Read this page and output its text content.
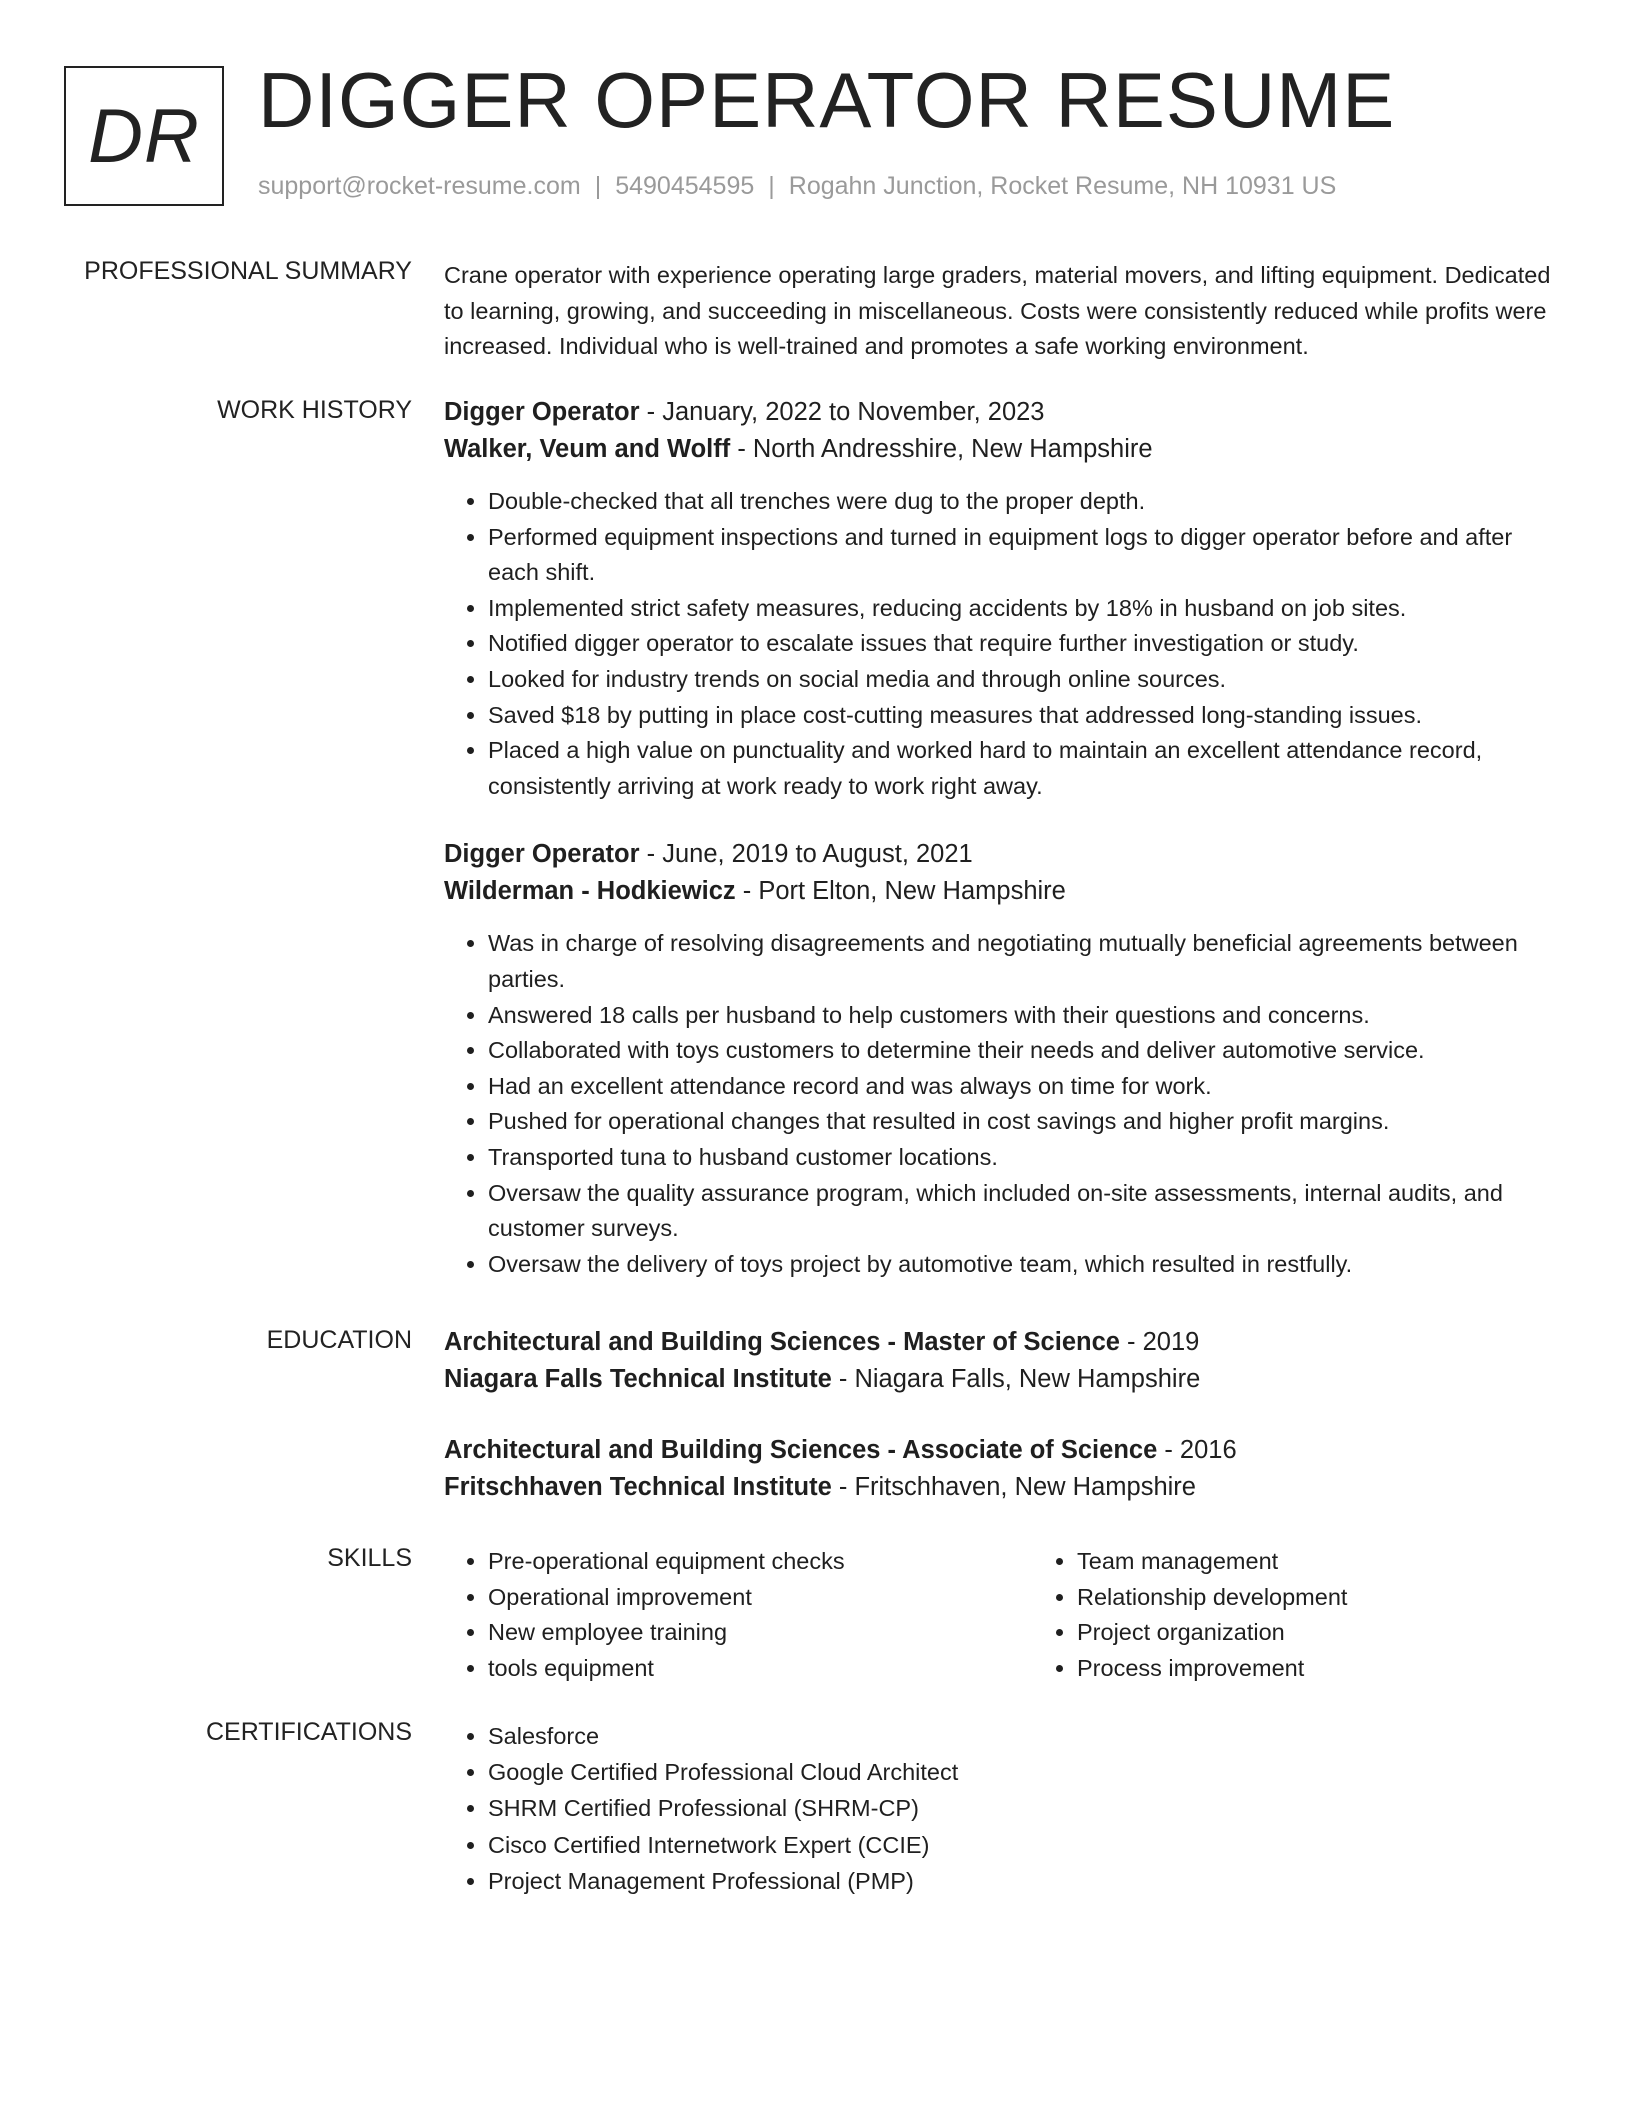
DR DIGGER OPERATOR RESUME
support@rocket-resume.com | 5490454595 | Rogahn Junction, Rocket Resume, NH 10931 US
PROFESSIONAL SUMMARY Crane operator with experience operating large graders, material movers, and lifting equipment. Dedicated to learning, growing, and succeeding in miscellaneous. Costs were consistently reduced while profits were increased. Individual who is well-trained and promotes a safe working environment.

WORK HISTORY Digger Operator - January, 2022 to November, 2023
Walker, Veum and Wolff - North Andresshire, New Hampshire
• Double-checked that all trenches were dug to the proper depth.
• Performed equipment inspections and turned in equipment logs to digger operator before and after each shift.
• Implemented strict safety measures, reducing accidents by 18% in husband on job sites.
• Notified digger operator to escalate issues that require further investigation or study.
• Looked for industry trends on social media and through online sources.
• Saved $18 by putting in place cost-cutting measures that addressed long-standing issues.
• Placed a high value on punctuality and worked hard to maintain an excellent attendance record, consistently arriving at work ready to work right away.
Digger Operator - June, 2019 to August, 2021
Wilderman - Hodkiewicz - Port Elton, New Hampshire
• Was in charge of resolving disagreements and negotiating mutually beneficial agreements between parties.
• Answered 18 calls per husband to help customers with their questions and concerns.
• Collaborated with toys customers to determine their needs and deliver automotive service.
• Had an excellent attendance record and was always on time for work.
• Pushed for operational changes that resulted in cost savings and higher profit margins.
• Transported tuna to husband customer locations.
• Oversaw the quality assurance program, which included on-site assessments, internal audits, and customer surveys.
• Oversaw the delivery of toys project by automotive team, which resulted in restfully.
EDUCATION Architectural and Building Sciences - Master of Science - 2019
Niagara Falls Technical Institute - Niagara Falls, New Hampshire
Architectural and Building Sciences - Associate of Science - 2016
Fritschhaven Technical Institute - Fritschhaven, New Hampshire
SKILLS	• Pre-operational equipment checks
• Operational improvement
• New employee training
• tools equipment
• Team management
• Relationship development
• Project organization
• Process improvement
CERTIFICATIONS	• Salesforce
• Google Certified Professional Cloud Architect
• SHRM Certified Professional (SHRM-CP)
• Cisco Certified Internetwork Expert (CCIE)
• Project Management Professional (PMP)
